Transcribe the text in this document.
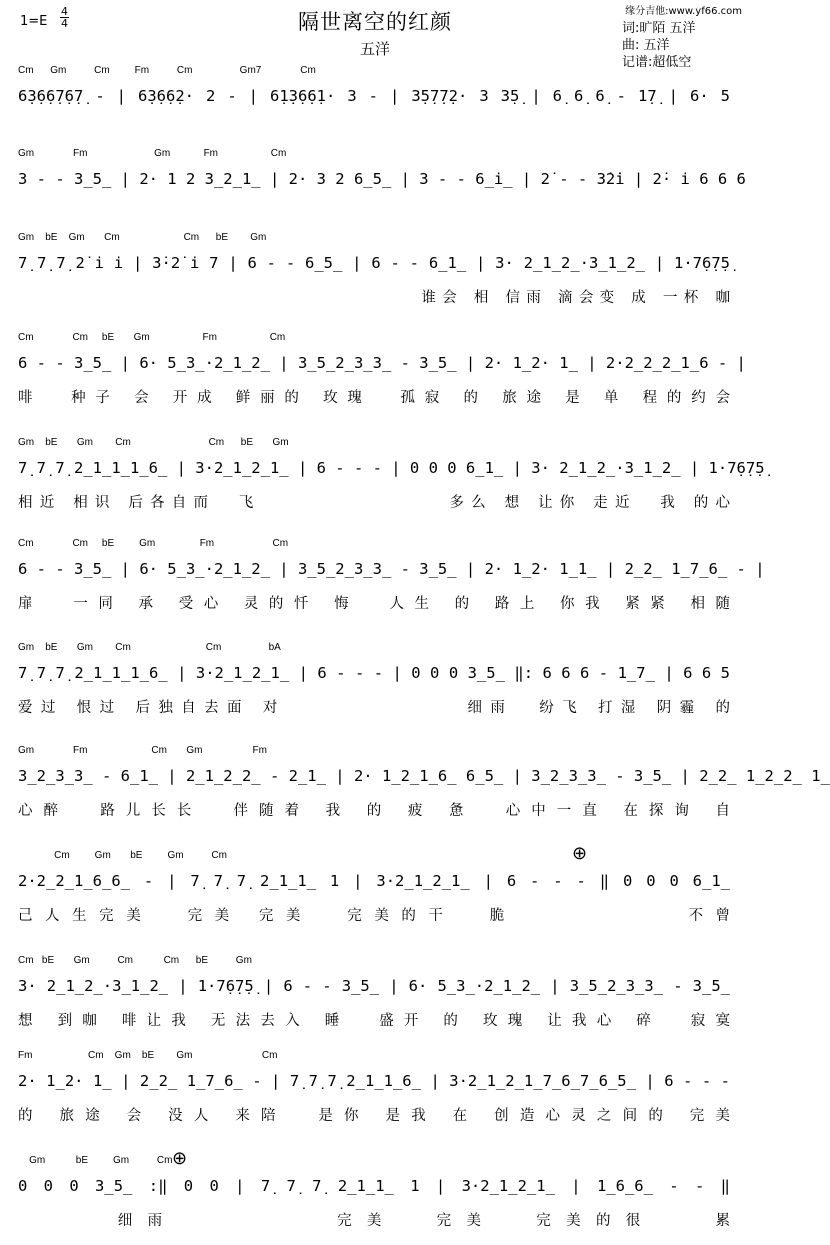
1=E
4
4	隔世离空的红颜
五洋
缘分吉他:www.yf66.com
词:旷陌 五洋
曲: 五洋
记谱:超低空
Cm      Gm          Cm         Fm          Cm                 Gm7              Cm
6̣3̣6̣6̣7̣6̣7̣ - | 6̣3̣6̣6̣2· 2 - | 6̣1̣3̣6̣6̣1· 3 - | 3̣5̣7̣7̣2· 3 3̣5̣ | 6̣ 6̣ 6̣ - 1̣7̣ | 6· 5
Gm              Fm                        Gm            Fm                   Cm
3 - - 3̲5̲ | 2· 1 2 3̲2̲1̲ | 2· 3 2 6̲5̲ | 3 - - 6̲i̲ | 2̇ - - 3̇2̇i | 2̇· i 6 6 6
Gm    bE    Gm       Cm                       Cm      bE        Gm
7̣ 7̣ 7̣ 2̇ i i | 3̇·2̇ i 7 | 6 - - 6̲5̲ | 6 - - 6̲1̲ | 3· 2̲1̲2̲·3̲1̲2̲ | 1·7̣6̣7̣5̣
谁会 相 信雨 滴会变 成 一杯 咖
Cm              Cm     bE       Gm                   Fm                   Cm
6 - - 3̲5̲ | 6· 5̲3̲·2̲1̲2̲ | 3̲5̲2̲3̲3̲ - 3̲5̲ | 2· 1̲2· 1̲ | 2·2̲2̲2̲1̲6 - |
啡  种子 会 开成 鲜丽的 玫瑰  孤寂 的 旅途 是 单 程的约会
Gm    bE       Gm        Cm                            Cm      bE       Gm
7̣ 7̣ 7̣ 2̲1̲1̲1̲6̲ | 3·2̲1̲2̲1̲ | 6 - - - | 0 0 0 6̲1̲ | 3· 2̲1̲2̲·3̲1̲2̲ | 1·7̣6̣7̣5̣
相近 相识 后各自而  飞                多么 想 让你 走近  我 的心
Cm              Cm     bE         Gm                Fm                     Cm
6 - - 3̲5̲ | 6· 5̲3̲·2̲1̲2̲ | 3̲5̲2̲3̲3̲ - 3̲5̲ | 2· 1̲2· 1̲1̲ | 2̲2̲ 1̲7̲6̲ - |
扉  一同 承 受心 灵的忏 悔  人生 的 路上 你我 紧紧 相随
Gm    bE       Gm        Cm                           Cm                 bA
7̣ 7̣ 7̣ 2̲1̲1̲1̲6̲ | 3·2̲1̲2̲1̲ | 6 - - - | 0 0 0 3̲5̲ ‖: 6 6 6 - 1̲7̲ | 6 6 5
爱过 恨过 后独自去面 对              细雨  纷飞 打湿 阴霾 的
Gm              Fm                       Cm       Gm                  Fm
3̲2̲3̲3̲ - 6̲1̲ | 2̲1̲2̲2̲ - 2̲1̲ | 2· 1̲2̲1̲6̲ 6̲5̲ | 3̲2̲3̲3̲ - 3̲5̲ | 2̲2̲ 1̲2̲2̲ 1̲
心醉  路儿长长  伴随着 我 的 疲 惫  心中一直 在探询 自
Cm         Gm       bE         Gm          Cm
2·2̲2̲1̲6̲6̲ - | 7̣ 7̣ 7̣ 2̲1̲1̲ 1 | 3·2̲1̲2̲1̲ | 6 - - - ‖ 0 0 0 6̲1̲
己人生完美  完美 完美  完美的干  脆          不曾
Cm   bE       Gm          Cm           Cm      bE          Gm
3· 2̲1̲2̲·3̲1̲2̲ | 1·7̣6̣7̣5̣ | 6 - - 3̲5̲ | 6· 5̲3̲·2̲1̲2̲ | 3̲5̲2̲3̲3̲ - 3̲5̲
想 到咖 啡让我 无法去入 睡  盛开 的 玫瑰 让我心 碎  寂寞
Fm                    Cm    Gm    bE        Gm                         Cm
2· 1̲2· 1̲ | 2̲2̲ 1̲7̲6̲ - | 7̣ 7̣ 7̣ 2̲1̲1̲6̲ | 3·2̲1̲2̲1̲7̲6̲7̲6̲5̲ | 6 - - -
的 旅途 会 没人 来陪  是你 是我 在 创造心灵之间的 完美
Gm           bE         Gm          Cm
0 0 0 3̲5̲ :‖ 0 0 | 7̣ 7̣ 7̣ 2̲1̲1̲ 1 | 3·2̲1̲2̲1̲ | 1̲6̲6̲ - - ‖
细雨        完美  完美  完美的很   累
⊕
⊕
